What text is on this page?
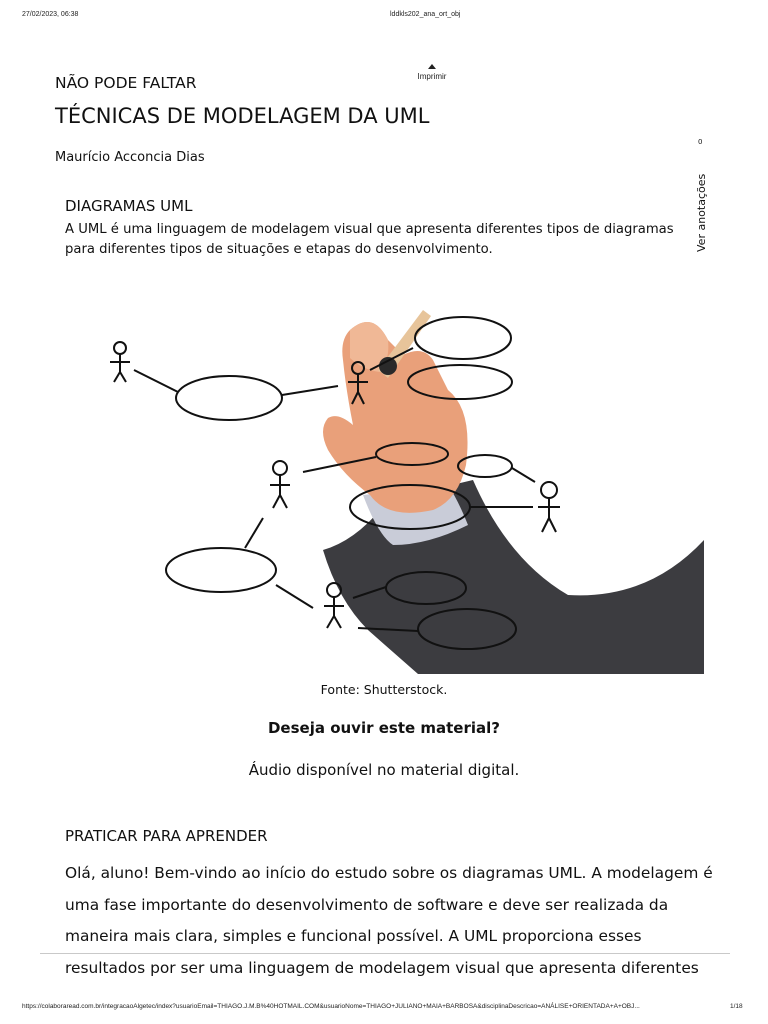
27/02/2023, 06:38	lddkls202_ana_ort_obj
NÃO PODE FALTAR
TÉCNICAS DE MODELAGEM DA UML
Maurício Acconcia Dias
Imprimir
0
Ver anotações
DIAGRAMAS UML

A UML é uma linguagem de modelagem visual que apresenta diferentes tipos de diagramas para diferentes tipos de situações e etapas do desenvolvimento.

Fonte: Shutterstock.
Deseja ouvir este material?
Áudio disponível no material digital.
PRATICAR PARA APRENDER

Olá, aluno! Bem-vindo ao início do estudo sobre os diagramas UML. A modelagem é uma fase importante do desenvolvimento de software e deve ser realizada da maneira mais clara, simples e funcional possível. A UML proporciona esses resultados por ser uma linguagem de modelagem visual que apresenta diferentes

https://colaboraread.com.br/integracaoAlgetec/index?usuarioEmail=THIAGO.J.M.B%40HOTMAIL.COM&usuarioNome=THIAGO+JULIANO+MAIA+BARBOSA&disciplinaDescricao=ANÁLISE+ORIENTADA+A+OBJ...	1/18
